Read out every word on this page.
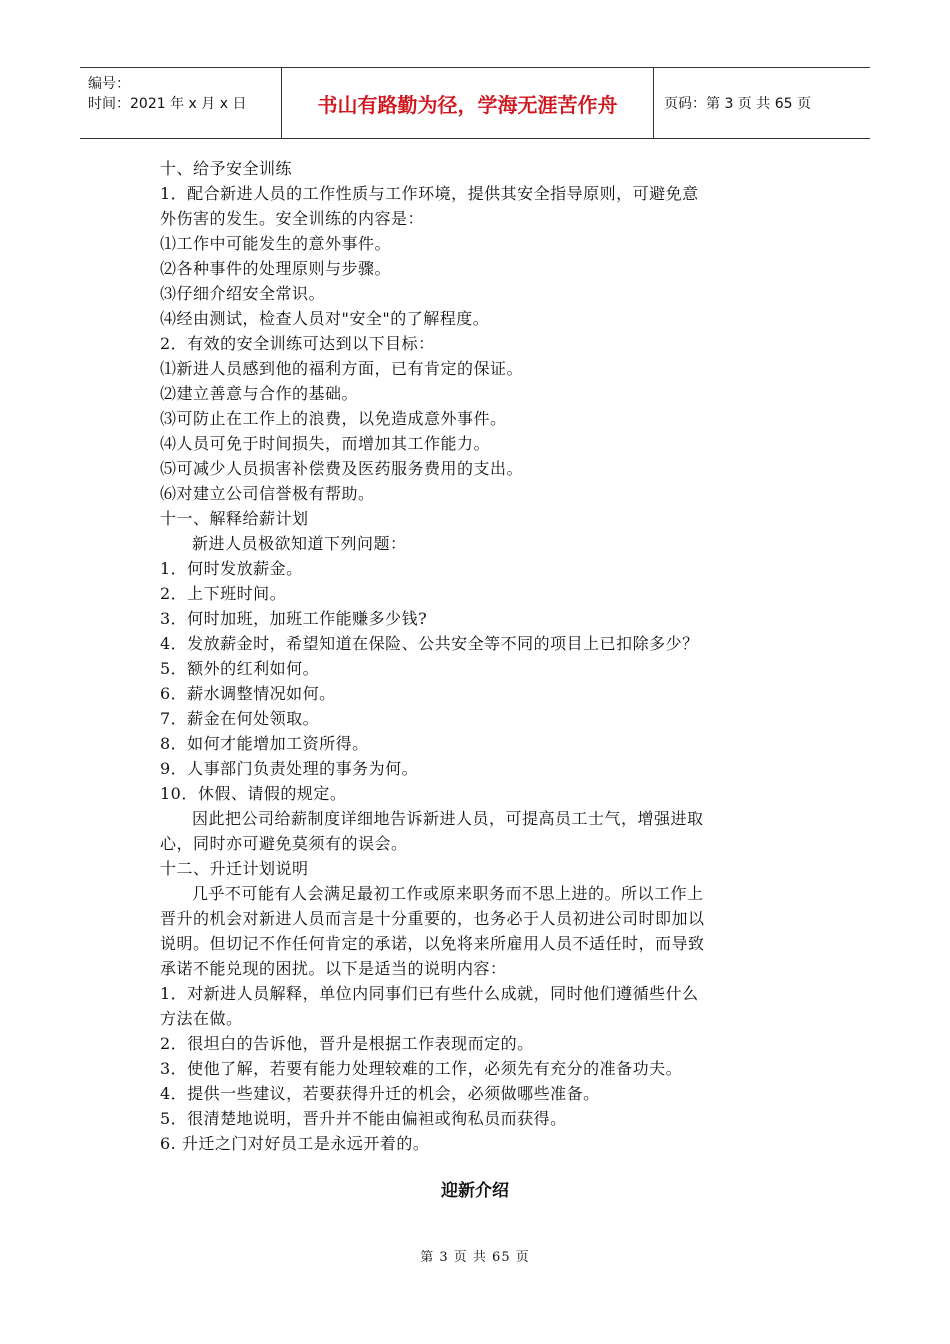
编号：
时间：2021 年 x 月 x 日	书山有路勤为径，学海无涯苦作舟	页码：第 3 页 共 65 页
十、给予安全训练
1．配合新进人员的工作性质与工作环境，提供其安全指导原则，可避免意
外伤害的发生。安全训练的内容是：
⑴工作中可能发生的意外事件。
⑵各种事件的处理原则与步骤。
⑶仔细介绍安全常识。
⑷经由测试，检查人员对"安全"的了解程度。
2．有效的安全训练可达到以下目标：
⑴新进人员感到他的福利方面，已有肯定的保证。
⑵建立善意与合作的基础。
⑶可防止在工作上的浪费，以免造成意外事件。
⑷人员可免于时间损失，而增加其工作能力。
⑸可减少人员损害补偿费及医药服务费用的支出。
⑹对建立公司信誉极有帮助。
十一、解释给薪计划
新进人员极欲知道下列问题：
1．何时发放薪金。
2．上下班时间。
3．何时加班，加班工作能赚多少钱?
4．发放薪金时，希望知道在保险、公共安全等不同的项目上已扣除多少？
5．额外的红利如何。
6．薪水调整情况如何。
7．薪金在何处领取。
8．如何才能增加工资所得。
9．人事部门负责处理的事务为何。
10．休假、请假的规定。
因此把公司给薪制度详细地告诉新进人员，可提高员工士气，增强进取
心，同时亦可避免莫须有的误会。
十二、升迁计划说明
几乎不可能有人会满足最初工作或原来职务而不思上进的。所以工作上
晋升的机会对新进人员而言是十分重要的，也务必于人员初进公司时即加以
说明。但切记不作任何肯定的承诺，以免将来所雇用人员不适任时，而导致
承诺不能兑现的困扰。以下是适当的说明内容：
1．对新进人员解释，单位内同事们已有些什么成就，同时他们遵循些什么
方法在做。
2．很坦白的告诉他，晋升是根据工作表现而定的。
3．使他了解，若要有能力处理较难的工作，必须先有充分的准备功夫。
4．提供一些建议，若要获得升迁的机会，必须做哪些准备。
5．很清楚地说明，晋升并不能由偏袒或徇私员而获得。
6. 升迁之门对好员工是永远开着的。
迎新介绍
第 3 页 共 65 页
